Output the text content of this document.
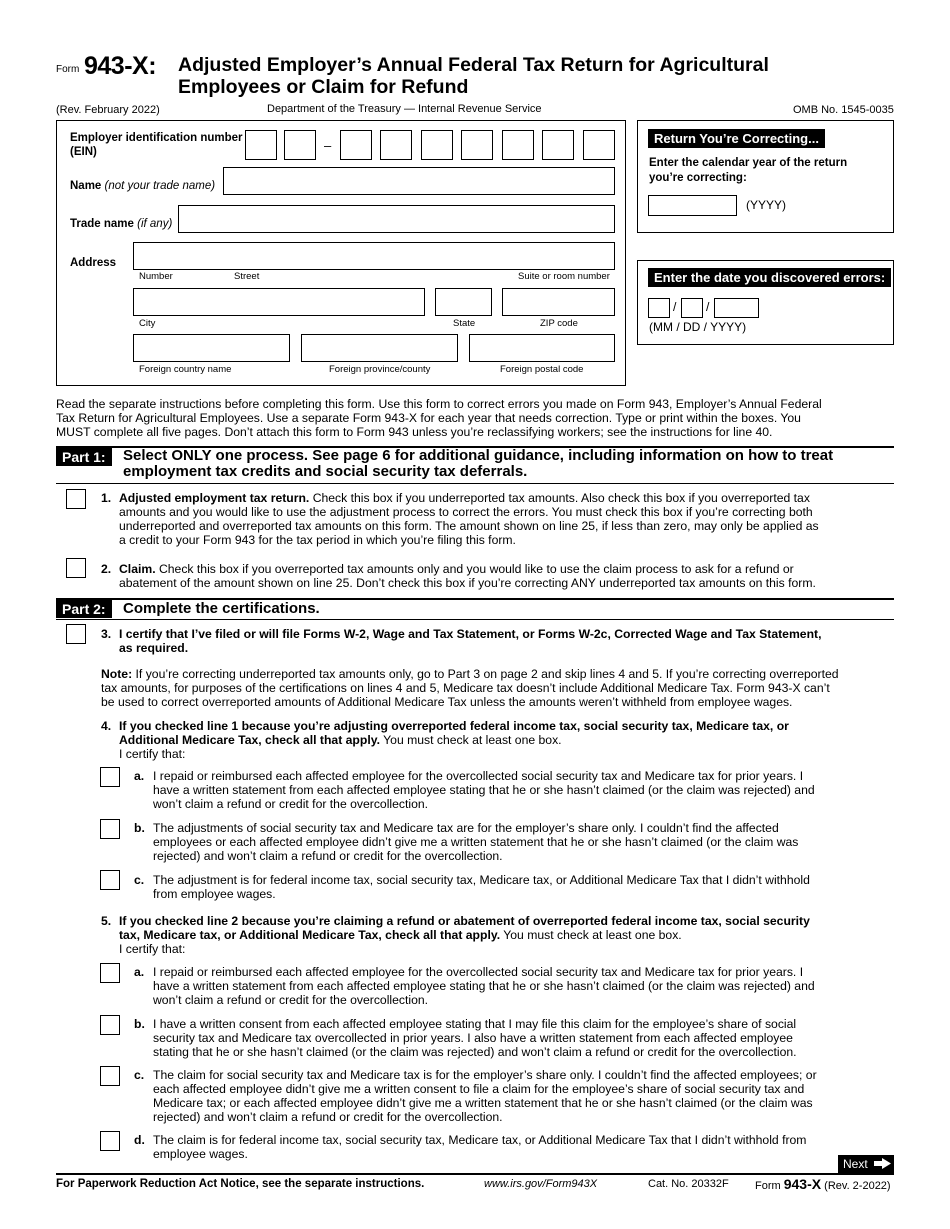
Form 943-X: Adjusted Employer’s Annual Federal Tax Return for Agricultural
Employees or Claim for Refund
(Rev. February 2022)	Department of the Treasury — Internal Revenue Service	OMB No. 1545-0035
Employer identification number
(EIN)	–
Name (not your trade name)
Trade name (if any)
Address
Number	Street	Suite or room number
City	State	ZIP code
Foreign country name	Foreign province/county	Foreign postal code
Return You’re Correcting...
Enter the calendar year of the return
you’re correcting:
(YYYY)
Enter the date you discovered errors:
/ /
(MM / DD / YYYY)
Read the separate instructions before completing this form. Use this form to correct errors you made on Form 943, Employer’s Annual Federal
Tax Return for Agricultural Employees. Use a separate Form 943-X for each year that needs correction. Type or print within the boxes. You
MUST complete all five pages. Don’t attach this form to Form 943 unless you’re reclassifying workers; see the instructions for line 40.
Part 1:	Select ONLY one process. See page 6 for additional guidance, including information on how to treat
employment tax credits and social security tax deferrals.
1. Adjusted employment tax return. Check this box if you underreported tax amounts. Also check this box if you overreported tax
amounts and you would like to use the adjustment process to correct the errors. You must check this box if you’re correcting both
underreported and overreported tax amounts on this form. The amount shown on line 25, if less than zero, may only be applied as
a credit to your Form 943 for the tax period in which you’re filing this form.
2. Claim. Check this box if you overreported tax amounts only and you would like to use the claim process to ask for a refund or
abatement of the amount shown on line 25. Don’t check this box if you’re correcting ANY underreported tax amounts on this form.
Part 2:	Complete the certifications.
3. I certify that I’ve filed or will file Forms W-2, Wage and Tax Statement, or Forms W-2c, Corrected Wage and Tax Statement,
as required.
Note: If you’re correcting underreported tax amounts only, go to Part 3 on page 2 and skip lines 4 and 5. If you’re correcting overreported
tax amounts, for purposes of the certifications on lines 4 and 5, Medicare tax doesn’t include Additional Medicare Tax. Form 943-X can’t
be used to correct overreported amounts of Additional Medicare Tax unless the amounts weren’t withheld from employee wages.
4. If you checked line 1 because you’re adjusting overreported federal income tax, social security tax, Medicare tax, or
Additional Medicare Tax, check all that apply. You must check at least one box.
I certify that:
a. I repaid or reimbursed each affected employee for the overcollected social security tax and Medicare tax for prior years. I
have a written statement from each affected employee stating that he or she hasn’t claimed (or the claim was rejected) and
won’t claim a refund or credit for the overcollection.
b. The adjustments of social security tax and Medicare tax are for the employer’s share only. I couldn’t find the affected
employees or each affected employee didn’t give me a written statement that he or she hasn’t claimed (or the claim was
rejected) and won’t claim a refund or credit for the overcollection.
c. The adjustment is for federal income tax, social security tax, Medicare tax, or Additional Medicare Tax that I didn’t withhold
from employee wages.
5. If you checked line 2 because you’re claiming a refund or abatement of overreported federal income tax, social security
tax, Medicare tax, or Additional Medicare Tax, check all that apply. You must check at least one box.
I certify that:
a. I repaid or reimbursed each affected employee for the overcollected social security tax and Medicare tax for prior years. I
have a written statement from each affected employee stating that he or she hasn’t claimed (or the claim was rejected) and
won’t claim a refund or credit for the overcollection.
b. I have a written consent from each affected employee stating that I may file this claim for the employee’s share of social
security tax and Medicare tax overcollected in prior years. I also have a written statement from each affected employee
stating that he or she hasn’t claimed (or the claim was rejected) and won’t claim a refund or credit for the overcollection.
c. The claim for social security tax and Medicare tax is for the employer’s share only. I couldn’t find the affected employees; or
each affected employee didn’t give me a written consent to file a claim for the employee’s share of social security tax and
Medicare tax; or each affected employee didn’t give me a written statement that he or she hasn’t claimed (or the claim was
rejected) and won’t claim a refund or credit for the overcollection.
d. The claim is for federal income tax, social security tax, Medicare tax, or Additional Medicare Tax that I didn’t withhold from
employee wages.
Next
For Paperwork Reduction Act Notice, see the separate instructions.	www.irs.gov/Form943X	Cat. No. 20332F Form 943-X (Rev. 2-2022)
